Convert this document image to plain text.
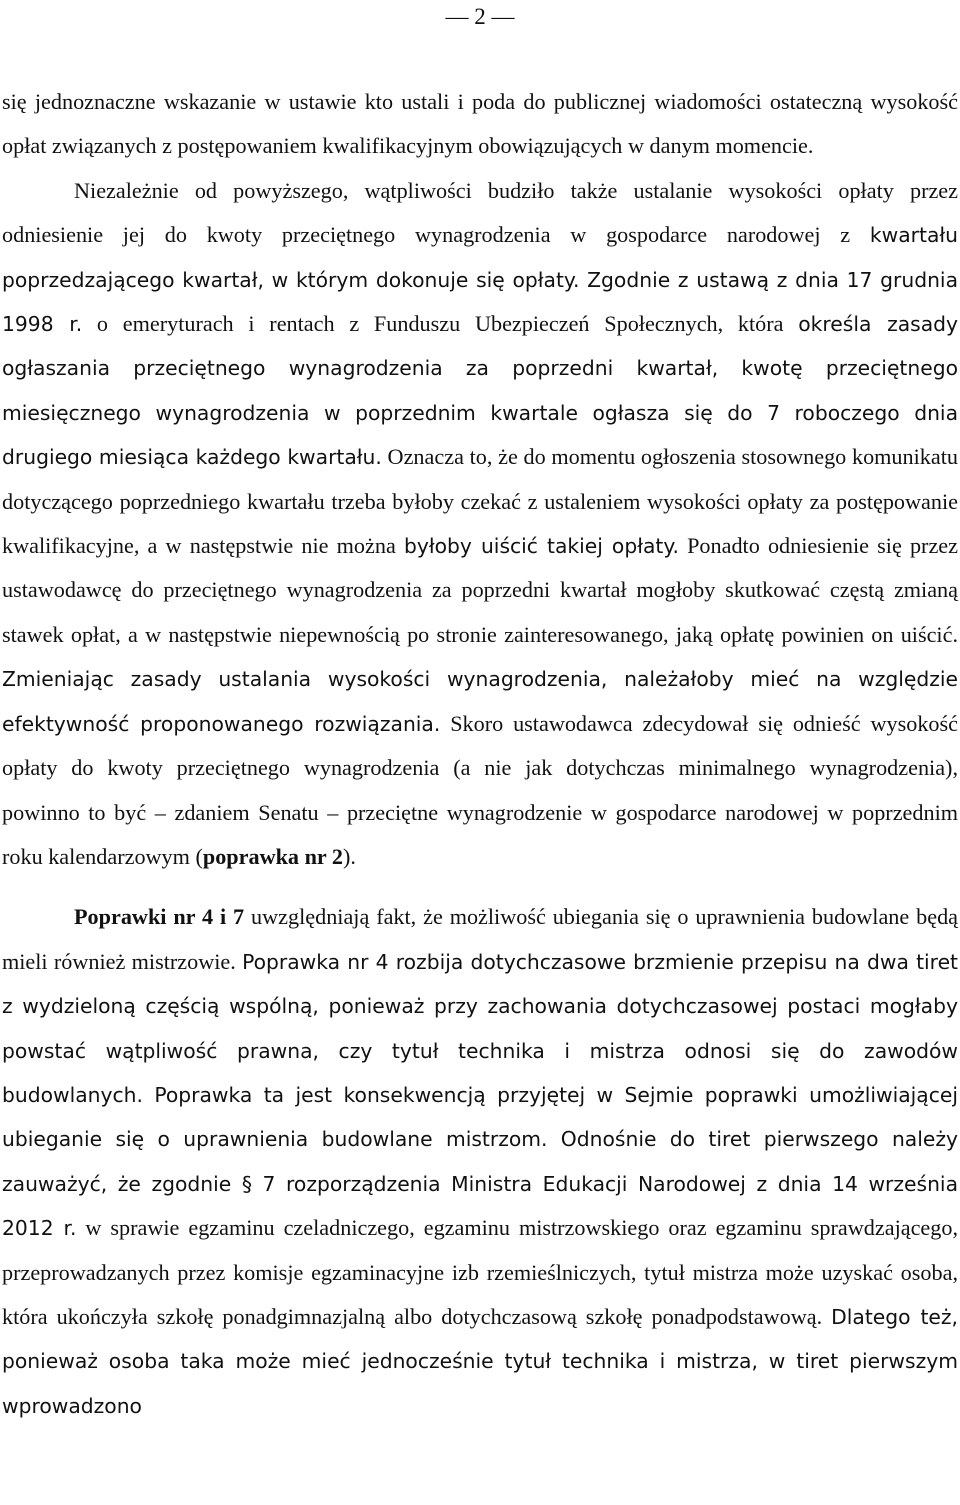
— 2 —

się jednoznaczne wskazanie w ustawie kto ustali i poda do publicznej wiadomości ostateczną wysokość opłat związanych z postępowaniem kwalifikacyjnym obowiązujących w danym momencie.

Niezależnie od powyższego, wątpliwości budziło także ustalanie wysokości opłaty przez odniesienie jej do kwoty przeciętnego wynagrodzenia w gospodarce narodowej z kwartału poprzedzającego kwartał, w którym dokonuje się opłaty. Zgodnie z ustawą z dnia 17 grudnia 1998 r. o emeryturach i rentach z Funduszu Ubezpieczeń Społecznych, która określa zasady ogłaszania przeciętnego wynagrodzenia za poprzedni kwartał, kwotę przeciętnego miesięcznego wynagrodzenia w poprzednim kwartale ogłasza się do 7 roboczego dnia drugiego miesiąca każdego kwartału. Oznacza to, że do momentu ogłoszenia stosownego komunikatu dotyczącego poprzedniego kwartału trzeba byłoby czekać z ustaleniem wysokości opłaty za postępowanie kwalifikacyjne, a w następstwie nie można byłoby uiścić takiej opłaty. Ponadto odniesienie się przez ustawodawcę do przeciętnego wynagrodzenia za poprzedni kwartał mogłoby skutkować częstą zmianą stawek opłat, a w następstwie niepewnością po stronie zainteresowanego, jaką opłatę powinien on uiścić. Zmieniając zasady ustalania wysokości wynagrodzenia, należałoby mieć na względzie efektywność proponowanego rozwiązania. Skoro ustawodawca zdecydował się odnieść wysokość opłaty do kwoty przeciętnego wynagrodzenia (a nie jak dotychczas minimalnego wynagrodzenia), powinno to być – zdaniem Senatu – przeciętne wynagrodzenie w gospodarce narodowej w poprzednim roku kalendarzowym (poprawka nr 2).

Poprawki nr 4 i 7 uwzględniają fakt, że możliwość ubiegania się o uprawnienia budowlane będą mieli również mistrzowie. Poprawka nr 4 rozbija dotychczasowe brzmienie przepisu na dwa tiret z wydzieloną częścią wspólną, ponieważ przy zachowania dotychczasowej postaci mogłaby powstać wątpliwość prawna, czy tytuł technika i mistrza odnosi się do zawodów budowlanych. Poprawka ta jest konsekwencją przyjętej w Sejmie poprawki umożliwiającej ubieganie się o uprawnienia budowlane mistrzom. Odnośnie do tiret pierwszego należy zauważyć, że zgodnie § 7 rozporządzenia Ministra Edukacji Narodowej z dnia 14 września 2012 r. w sprawie egzaminu czeladniczego, egzaminu mistrzowskiego oraz egzaminu sprawdzającego, przeprowadzanych przez komisje egzaminacyjne izb rzemieślniczych, tytuł mistrza może uzyskać osoba, która ukończyła szkołę ponadgimnazjalną albo dotychczasową szkołę ponadpodstawową. Dlatego też, ponieważ osoba taka może mieć jednocześnie tytuł technika i mistrza, w tiret pierwszym wprowadzono
